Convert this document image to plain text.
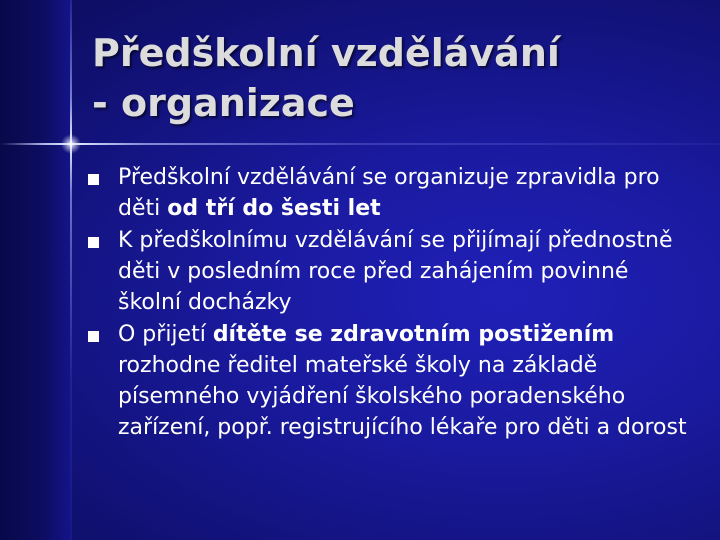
Předškolní vzdělávání
- organizace
Předškolní vzdělávání se organizuje zpravidla pro děti od tří do šesti let
K předškolnímu vzdělávání se přijímají přednostně děti v posledním roce před zahájením povinné školní docházky
O přijetí dítěte se zdravotním postižením rozhodne ředitel mateřské školy na základě písemného vyjádření školského poradenského zařízení, popř. registrujícího lékaře pro děti a dorost
